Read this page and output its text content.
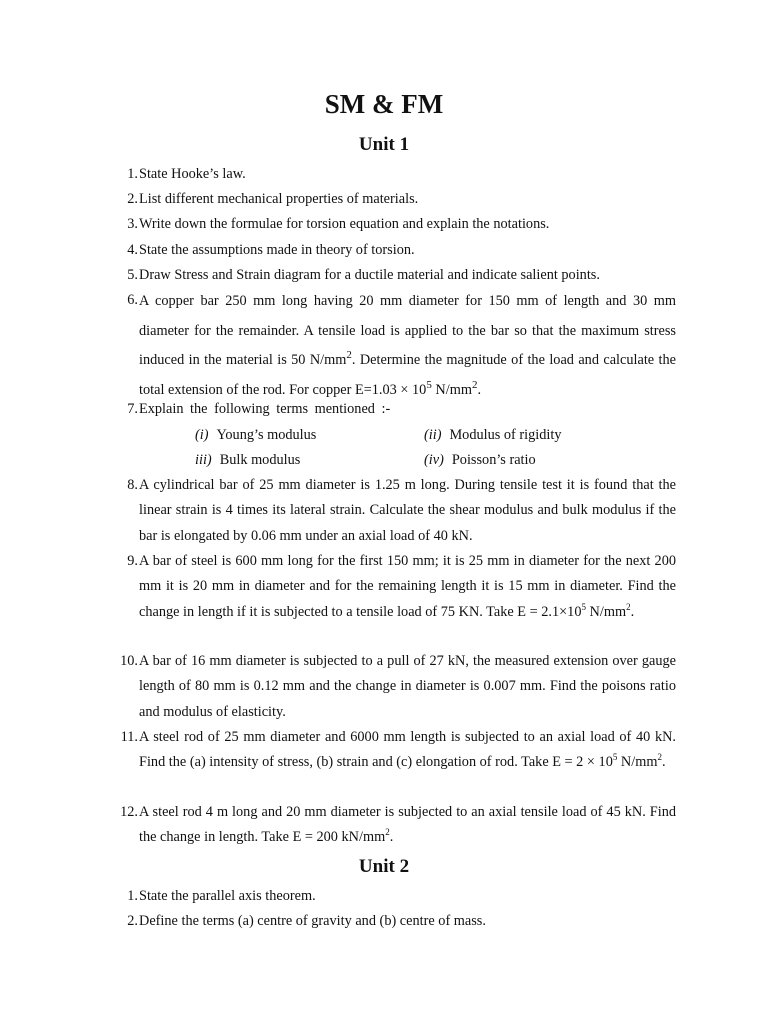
SM & FM
Unit 1
1. State Hooke’s law.
2. List different mechanical properties of materials.
3. Write down the formulae for torsion equation and explain the notations.
4. State the assumptions made in theory of torsion.
5. Draw Stress and Strain diagram for a ductile material and indicate salient points.
6. A copper bar 250 mm long having 20 mm diameter for 150 mm of length and 30 mm diameter for the remainder. A tensile load is applied to the bar so that the maximum stress induced in the material is 50 $N/mm^2$. Determine the magnitude of the load and calculate the total extension of the rod. For copper $E=1.03 \times 10^5$ $N/mm^2$.
7. Explain the following terms mentioned :-
(i) Young’s modulus	(ii) Modulus of rigidity
iii) Bulk modulus	(iv) Poisson’s ratio
8. A cylindrical bar of 25 mm diameter is 1.25 m long. During tensile test it is found that the linear strain is 4 times its lateral strain. Calculate the shear modulus and bulk modulus if the bar is elongated by 0.06 mm under an axial load of 40 kN.
9. A bar of steel is 600 mm long for the first 150 mm; it is 25 mm in diameter for the next 200 mm it is 20 mm in diameter and for the remaining length it is 15 mm in diameter. Find the change in length if it is subjected to a tensile load of 75 KN. Take $E = 2.1\times 10^5$ $N/mm^2$.
10. A bar of 16 mm diameter is subjected to a pull of 27 kN, the measured extension over gauge length of 80 mm is 0.12 mm and the change in diameter is 0.007 mm. Find the poisons ratio and modulus of elasticity.
11. A steel rod of 25 mm diameter and 6000 mm length is subjected to an axial load of 40 kN. Find the (a) intensity of stress, (b) strain and (c) elongation of rod. Take $E = 2 \times 10^5$ $N/mm^2$.
12. A steel rod 4 m long and 20 mm diameter is subjected to an axial tensile load of 45 kN. Find the change in length. Take E = 200 $kN/mm^2$.
Unit 2
1. State the parallel axis theorem.
2. Define the terms (a) centre of gravity and (b) centre of mass.
